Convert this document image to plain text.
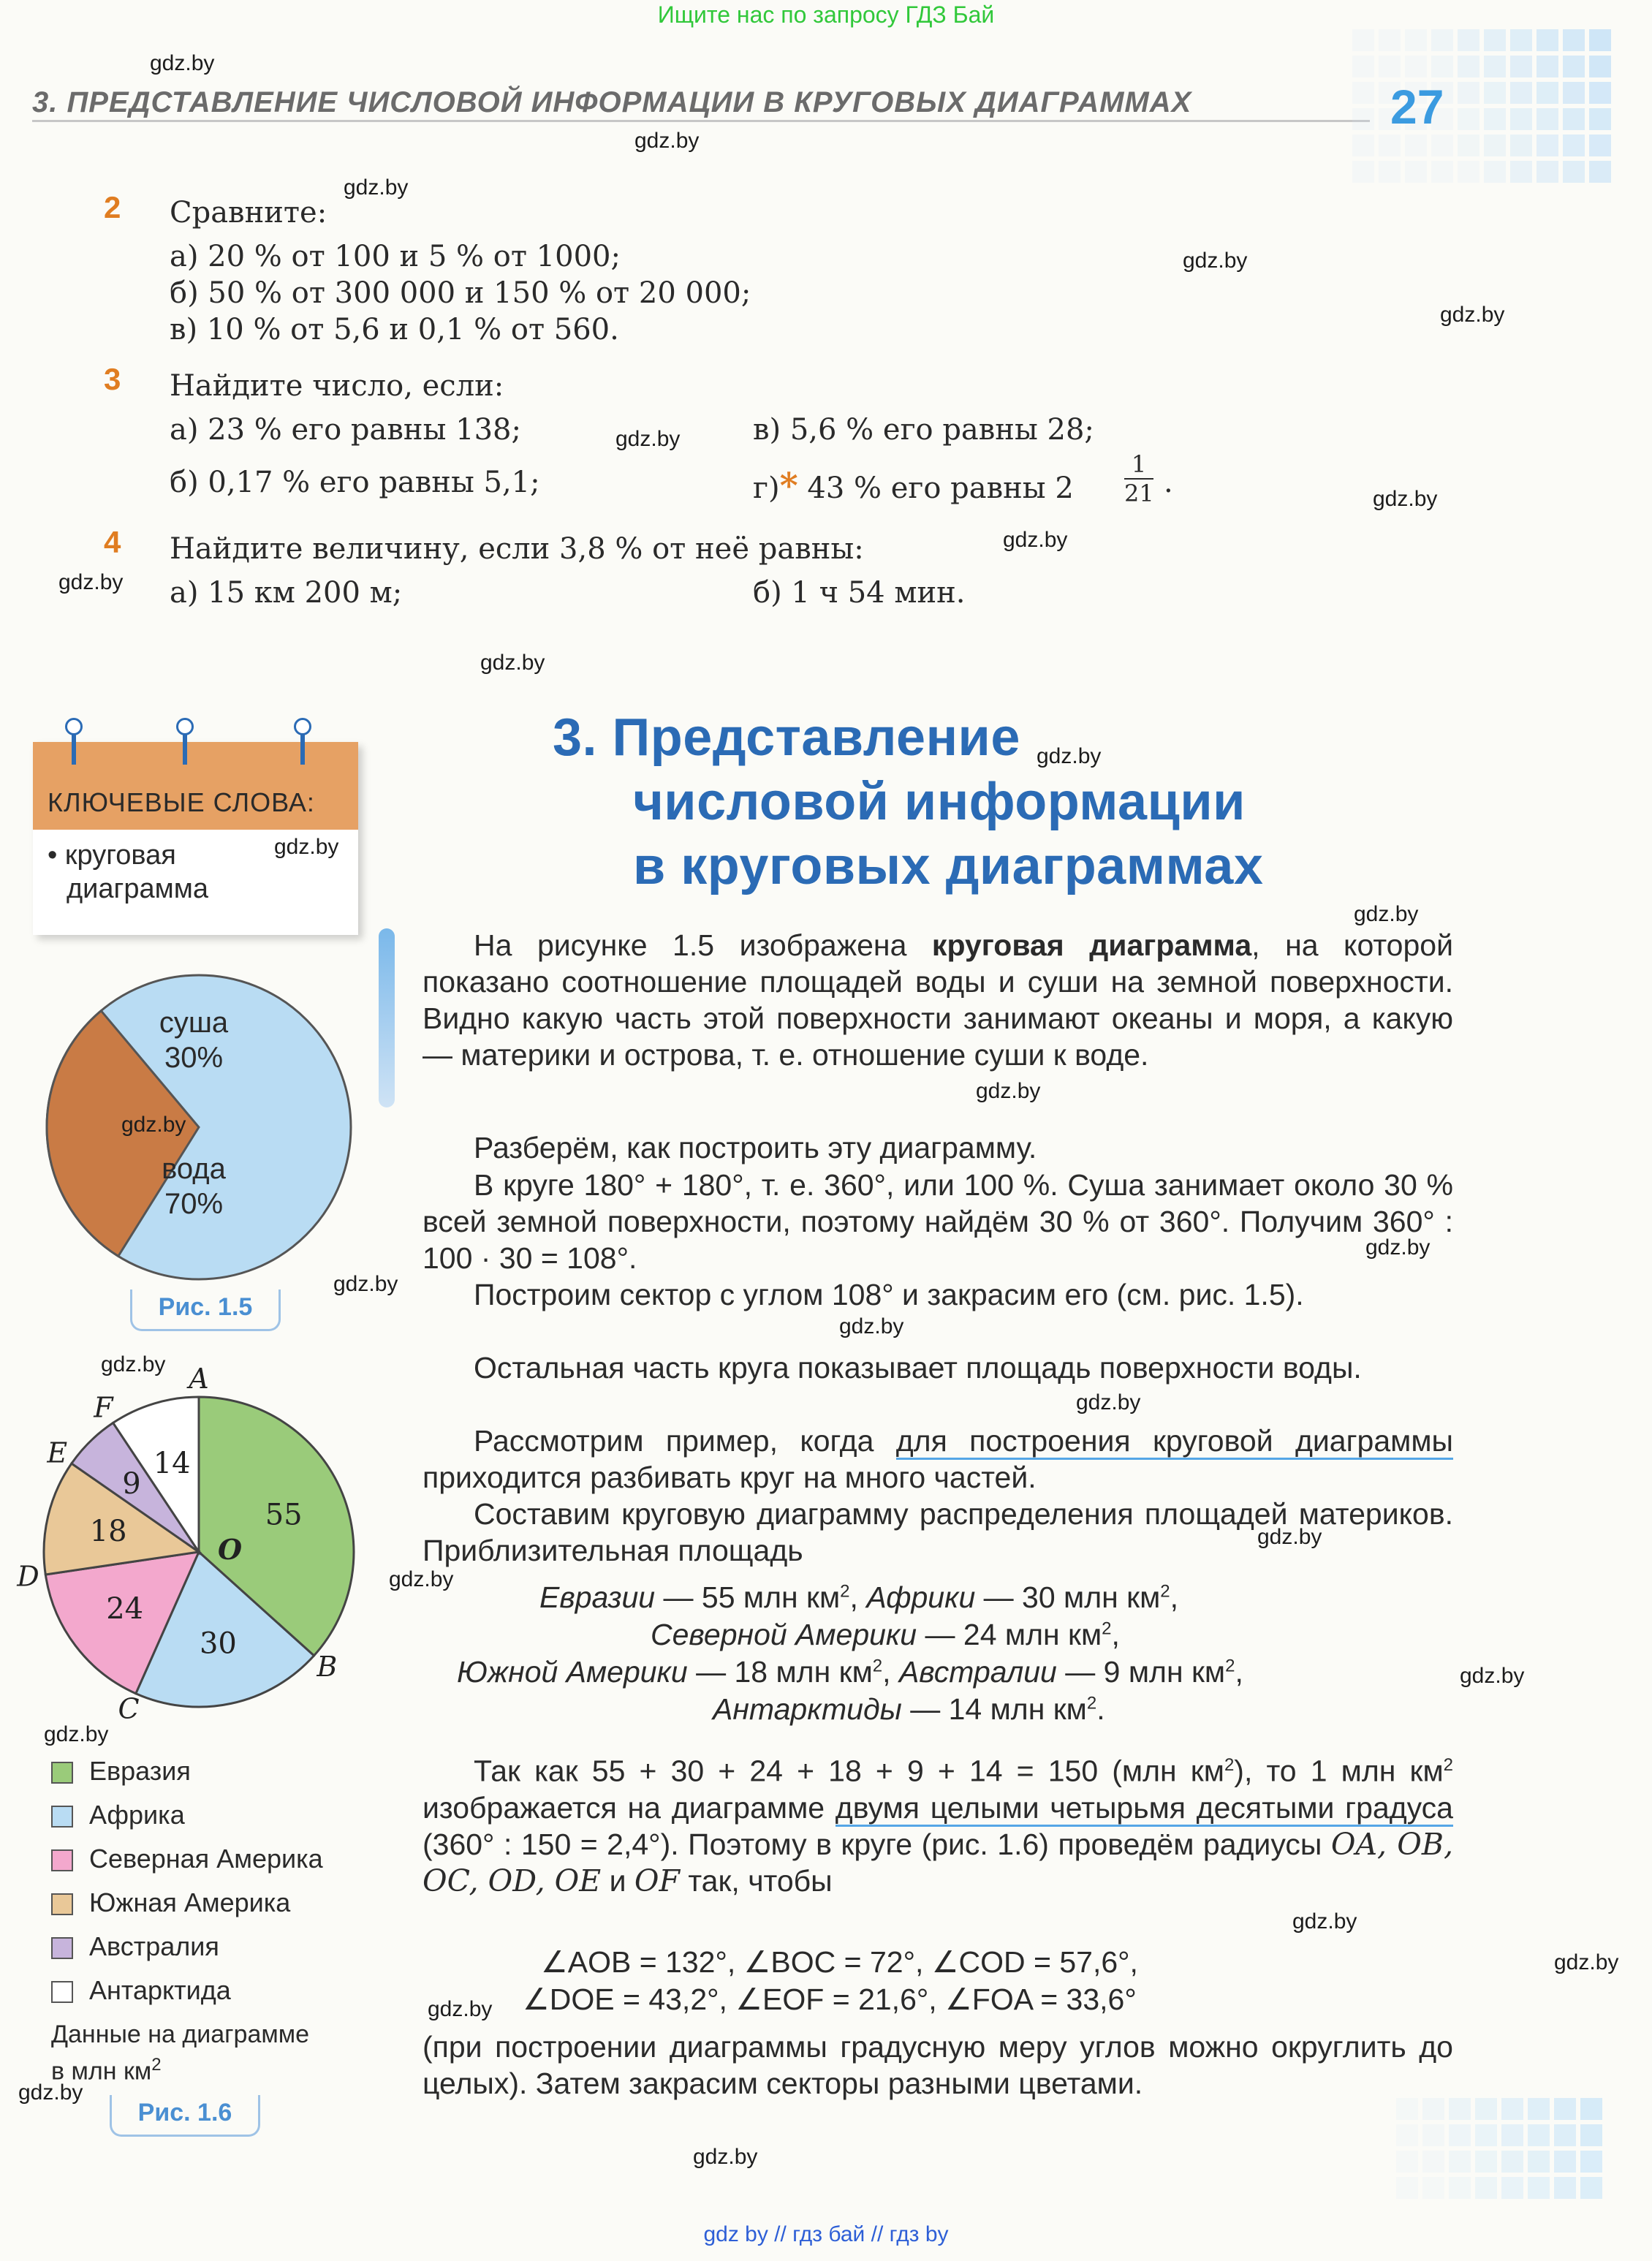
Ищите нас по запросу ГДЗ Бай
gdz by // гдз бай // гдз by
3. ПРЕДСТАВЛЕНИЕ ЧИСЛОВОЙ ИНФОРМАЦИИ В КРУГОВЫХ ДИАГРАММАХ	27
2 Сравните:
а) 20 % от 100 и 5 % от 1000;
б) 50 % от 300 000 и 150 % от 20 000;
в) 10 % от 5,6 и 0,1 % от 560.
3 Найдите число, если:
а) 23 % его равны 138;
б) 0,17 % его равны 5,1;
в) 5,6 % его равны 28;
г)* 43 % его равны 2
1
21 .
4 Найдите величину, если 3,8 % от неё равны:
а) 15 км 200 м;	б) 1 ч 54 мин.
КЛЮЧЕВЫЕ СЛОВА:
• круговая
диаграмма
3. Представление
числовой информации
в круговых диаграммах
суша
30%
вода
70%
Рис. 1.5
55
30
24
18
9
14
A
B
C
D
E
F
O
Евразия
Африка
Северная Америка
Южная Америка
Австралия
Антарктида
Данные на диаграмме
в млн $км^2$
Рис. 1.6
На рисунке 1.5 изображена круговая диаграмма, на которой показано соотношение площадей воды и суши на земной поверхности. Видно какую часть этой поверхности занимают океаны и моря, а какую — материки и острова, т. е. отношение суши к воде.
Разберём, как построить эту диаграмму.
В круге 180° + 180°, т. е. 360°, или 100 %. Суша занимает около 30 % всей земной поверхности, поэтому найдём 30 % от 360°. Получим 360° : 100 · 30 = 108°.
Построим сектор с углом 108° и закрасим его (см. рис. 1.5).
Остальная часть круга показывает площадь поверхности воды.
Рассмотрим пример, когда для построения круговой диаграммы приходится разбивать круг на много частей.
Составим круговую диаграмму распределения площадей материков. Приблизительная площадь
Евразии — 55 млн $км^2$, Африки — 30 млн $км^2$,
Северной Америки — 24 млн $км^2$,
Южной Америки — 18 млн $км^2$, Австралии — 9 млн $км^2$,
Антарктиды — 14 млн $км^2$.
Так как 55 + 30 + 24 + 18 + 9 + 14 = 150 (млн $км^2$), то 1 млн $км^2$ изображается на диаграмме двумя целыми четырьмя десятыми градуса (360° : 150 = 2,4°). Поэтому в круге (рис. 1.6) проведём радиусы OA, OB, OC, OD, OE и OF так, чтобы
∠AOB = 132°, ∠BOC = 72°, ∠COD = 57,6°,
∠DOE = 43,2°, ∠EOF = 21,6°, ∠FOA = 33,6°
(при построении диаграммы градусную меру углов можно округлить до целых). Затем закрасим секторы разными цветами.
gdz.by
gdz.by
gdz.by
gdz.by
gdz.by
gdz.by
gdz.by
gdz.by
gdz.by
gdz.by
gdz.by
gdz.by
gdz.by
gdz.by
gdz.by
gdz.by
gdz.by
gdz.by
gdz.by
gdz.by
gdz.by
gdz.by
gdz.by
gdz.by
gdz.by
gdz.by
gdz.by
gdz.by
gdz.by
